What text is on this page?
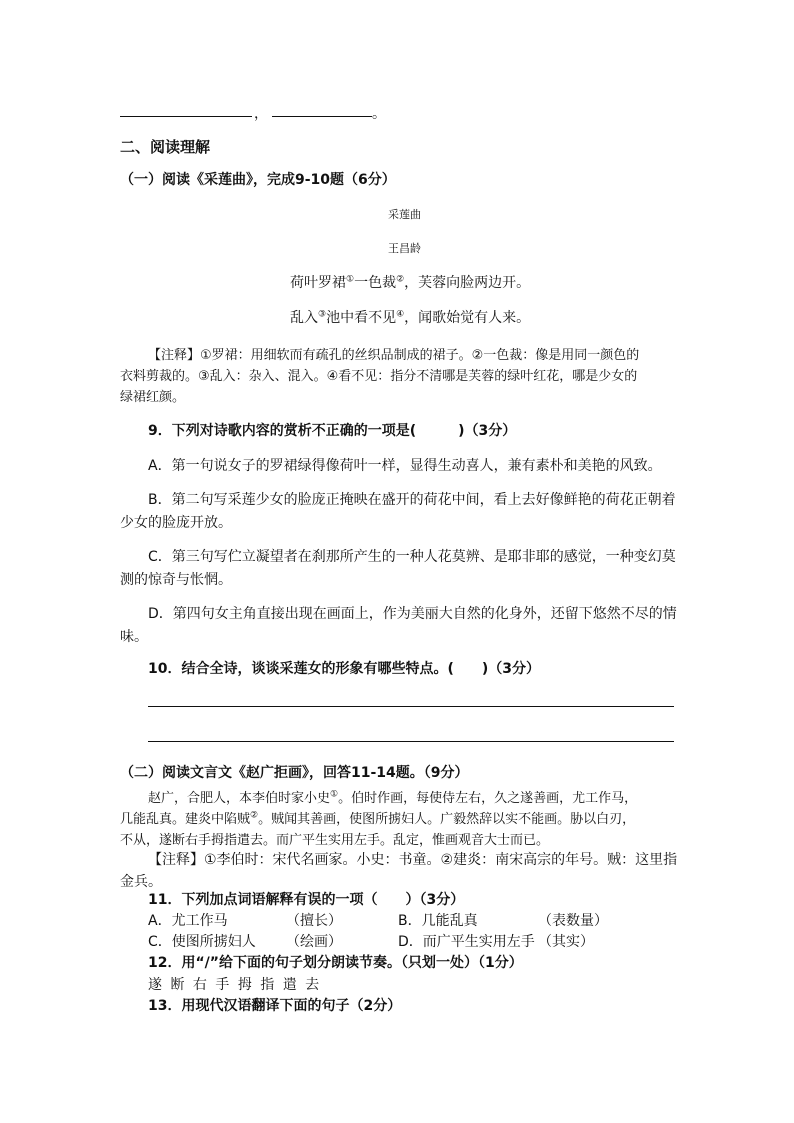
，	。
二、阅读理解
（一）阅读《采莲曲》，完成9-10题（6分）
采莲曲
王昌龄
荷叶罗裙①一色裁②，芙蓉向脸两边开。
乱入③池中看不见④，闻歌始觉有人来。
【注释】①罗裙：用细软而有疏孔的丝织品制成的裙子。②一色裁：像是用同一颜色的
衣料剪裁的。③乱入：杂入、混入。④看不见：指分不清哪是芙蓉的绿叶红花，哪是少女的
绿裙红颜。
9．下列对诗歌内容的赏析不正确的一项是(　　　)（3分）
A．第一句说女子的罗裙绿得像荷叶一样，显得生动喜人，兼有素朴和美艳的风致。
B．第二句写采莲少女的脸庞正掩映在盛开的荷花中间，看上去好像鲜艳的荷花正朝着
少女的脸庞开放。
C．第三句写伫立凝望者在刹那所产生的一种人花莫辨、是耶非耶的感觉，一种变幻莫
测的惊奇与怅惘。
D．第四句女主角直接出现在画面上，作为美丽大自然的化身外，还留下悠然不尽的情
味。
10．结合全诗，谈谈采莲女的形象有哪些特点。(　　)（3分）
（二）阅读文言文《赵广拒画》，回答11-14题。（9分）
赵广，合肥人，本李伯时家小史①。伯时作画，每使侍左右，久之遂善画，尤工作马，
几能乱真。建炎中陷贼②。贼闻其善画，使图所掳妇人。广毅然辞以实不能画。胁以白刃，
不从，遂断右手拇指遣去。而广平生实用左手。乱定，惟画观音大士而已。
【注释】①李伯时：宋代名画家。小史：书童。②建炎：南宋高宗的年号。贼：这里指
金兵。
11．下列加点词语解释有误的一项（　　）（3分）
A．尤工作马	（擅长）	B．几能乱真	（表数量）
C．使图所掳妇人 （绘画）	D．而广平生实用左手 （其实）
12．用“/”给下面的句子划分朗读节奏。（只划一处）（1分）
遂 断 右 手 拇 指 遣 去
13．用现代汉语翻译下面的句子（2分）
